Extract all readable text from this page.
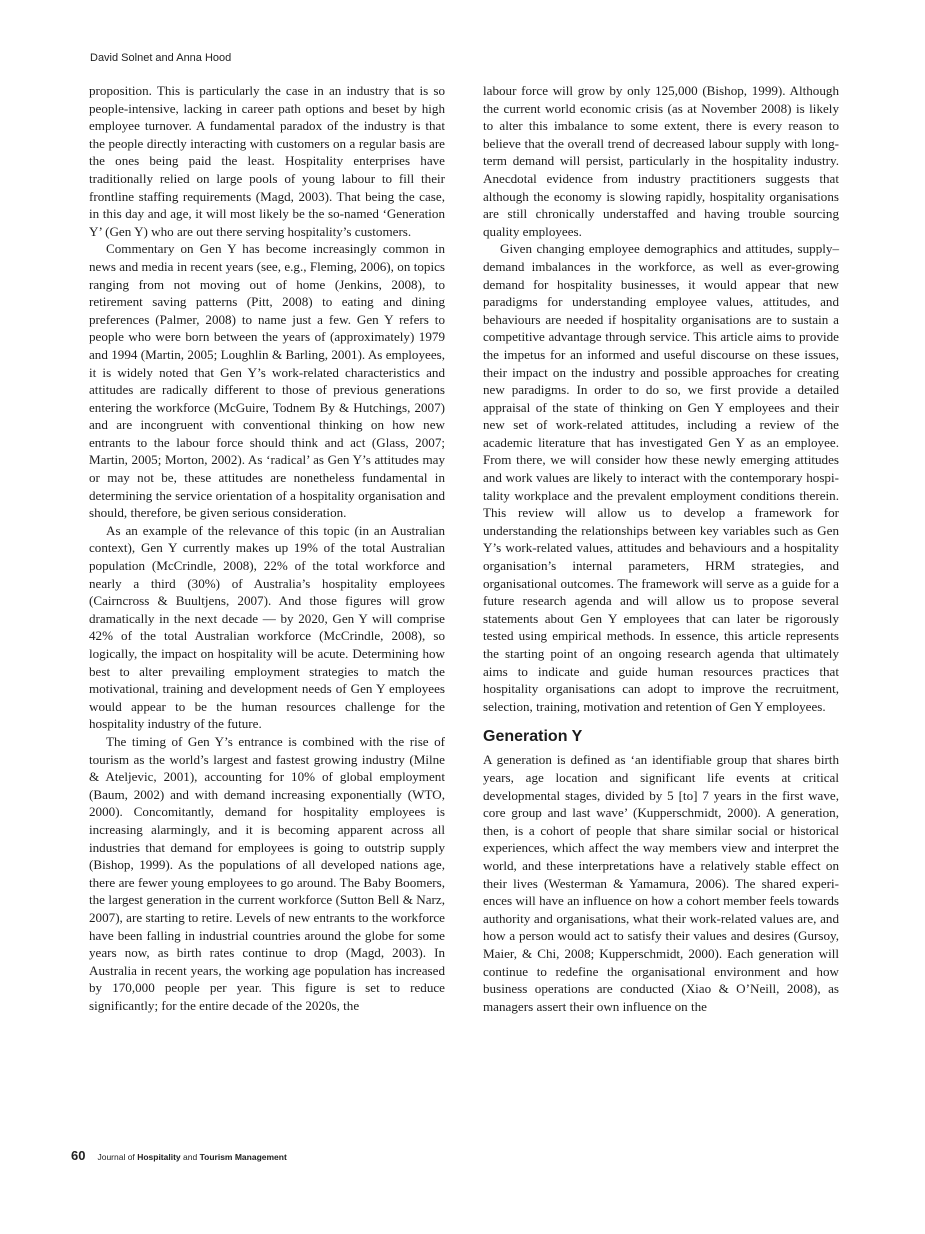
David Solnet and Anna Hood

proposition. This is particularly the case in an industry that is so people-intensive, lacking in career path options and beset by high employee turnover. A fundamental paradox of the industry is that the people directly interacting with customers on a regular basis are the ones being paid the least. Hospitality enterprises have traditionally relied on large pools of young labour to fill their frontline staffing requirements (Magd, 2003). That being the case, in this day and age, it will most likely be the so-named ‘Generation Y’ (Gen Y) who are out there serving hospitality’s customers.

Commentary on Gen Y has become increasingly common in news and media in recent years (see, e.g., Fleming, 2006), on topics ranging from not moving out of home (Jenkins, 2008), to retirement saving patterns (Pitt, 2008) to eating and dining preferences (Palmer, 2008) to name just a few. Gen Y refers to people who were born between the years of (approximately) 1979 and 1994 (Martin, 2005; Loughlin & Barling, 2001). As employees, it is widely noted that Gen Y’s work-related characteristics and attitudes are radically different to those of previous generations entering the workforce (McGuire, Todnem By & Hutchings, 2007) and are incongruent with conventional thinking on how new entrants to the labour force should think and act (Glass, 2007; Martin, 2005; Morton, 2002). As ‘radical’ as Gen Y’s attitudes may or may not be, these attitudes are nonetheless fundamental in determining the service orientation of a hospitality organisation and should, therefore, be given serious consideration.

As an example of the relevance of this topic (in an Australian context), Gen Y currently makes up 19% of the total Australian population (McCrindle, 2008), 22% of the total workforce and nearly a third (30%) of Australia’s hospitality employees (Cairncross & Buultjens, 2007). And those figures will grow dramatically in the next decade — by 2020, Gen Y will comprise 42% of the total Australian workforce (McCrindle, 2008), so logically, the impact on hospitality will be acute. Determining how best to alter prevailing employment strategies to match the motivational, training and development needs of Gen Y employees would appear to be the human resources challenge for the hospitality industry of the future.

The timing of Gen Y’s entrance is combined with the rise of tourism as the world’s largest and fastest growing industry (Milne & Ateljevic, 2001), accounting for 10% of global employment (Baum, 2002) and with demand increasing exponentially (WTO, 2000). Concomitantly, demand for hospitality employees is increasing alarmingly, and it is becoming apparent across all industries that demand for employees is going to outstrip supply (Bishop, 1999). As the populations of all developed nations age, there are fewer young employees to go around. The Baby Boomers, the largest generation in the current workforce (Sutton Bell & Narz, 2007), are starting to retire. Levels of new entrants to the workforce have been falling in industrial countries around the globe for some years now, as birth rates continue to drop (Magd, 2003). In Australia in recent years, the working age population has increased by 170,000 people per year. This figure is set to reduce significantly; for the entire decade of the 2020s, the

labour force will grow by only 125,000 (Bishop, 1999). Although the current world economic crisis (as at November 2008) is likely to alter this imbalance to some extent, there is every reason to believe that the overall trend of decreased labour supply with long-term demand will persist, particularly in the hospitality industry. Anecdotal evidence from industry practitioners suggests that although the economy is slowing rapidly, hospitality organisations are still chronically understaffed and having trouble sourcing quality employees.

Given changing employee demographics and attitudes, supply–demand imbalances in the workforce, as well as ever-growing demand for hospitality businesses, it would appear that new paradigms for understanding employee values, attitudes, and behaviours are needed if hospitality organisations are to sustain a competitive advantage through service. This article aims to provide the impetus for an informed and useful discourse on these issues, their impact on the industry and possible approaches for creating new paradigms. In order to do so, we first provide a detailed appraisal of the state of thinking on Gen Y employees and their new set of work-related attitudes, including a review of the academic literature that has investigated Gen Y as an employee. From there, we will consider how these newly emerging attitudes and work values are likely to interact with the contemporary hospitality workplace and the prevalent employment conditions therein. This review will allow us to develop a framework for understanding the relationships between key variables such as Gen Y’s work-related values, attitudes and behaviours and a hospitality organisation’s internal parameters, HRM strategies, and organisational outcomes. The framework will serve as a guide for a future research agenda and will allow us to propose several statements about Gen Y employees that can later be rigorously tested using empirical methods. In essence, this article represents the starting point of an ongoing research agenda that ultimately aims to indicate and guide human resources practices that hospitality organisations can adopt to improve the recruitment, selection, training, motivation and retention of Gen Y employees.

Generation Y

A generation is defined as ‘an identifiable group that shares birth years, age location and significant life events at critical developmental stages, divided by 5 [to] 7 years in the first wave, core group and last wave’ (Kupperschmidt, 2000). A generation, then, is a cohort of people that share similar social or historical experiences, which affect the way members view and interpret the world, and these interpretations have a relatively stable effect on their lives (Westerman & Yamamura, 2006). The shared experiences will have an influence on how a cohort member feels towards authority and organisations, what their work-related values are, and how a person would act to satisfy their values and desires (Gursoy, Maier, & Chi, 2008; Kupperschmidt, 2000). Each generation will continue to redefine the organisational environment and how business operations are conducted (Xiao & O’Neill, 2008), as managers assert their own influence on the

60 Journal of Hospitality and Tourism Management
